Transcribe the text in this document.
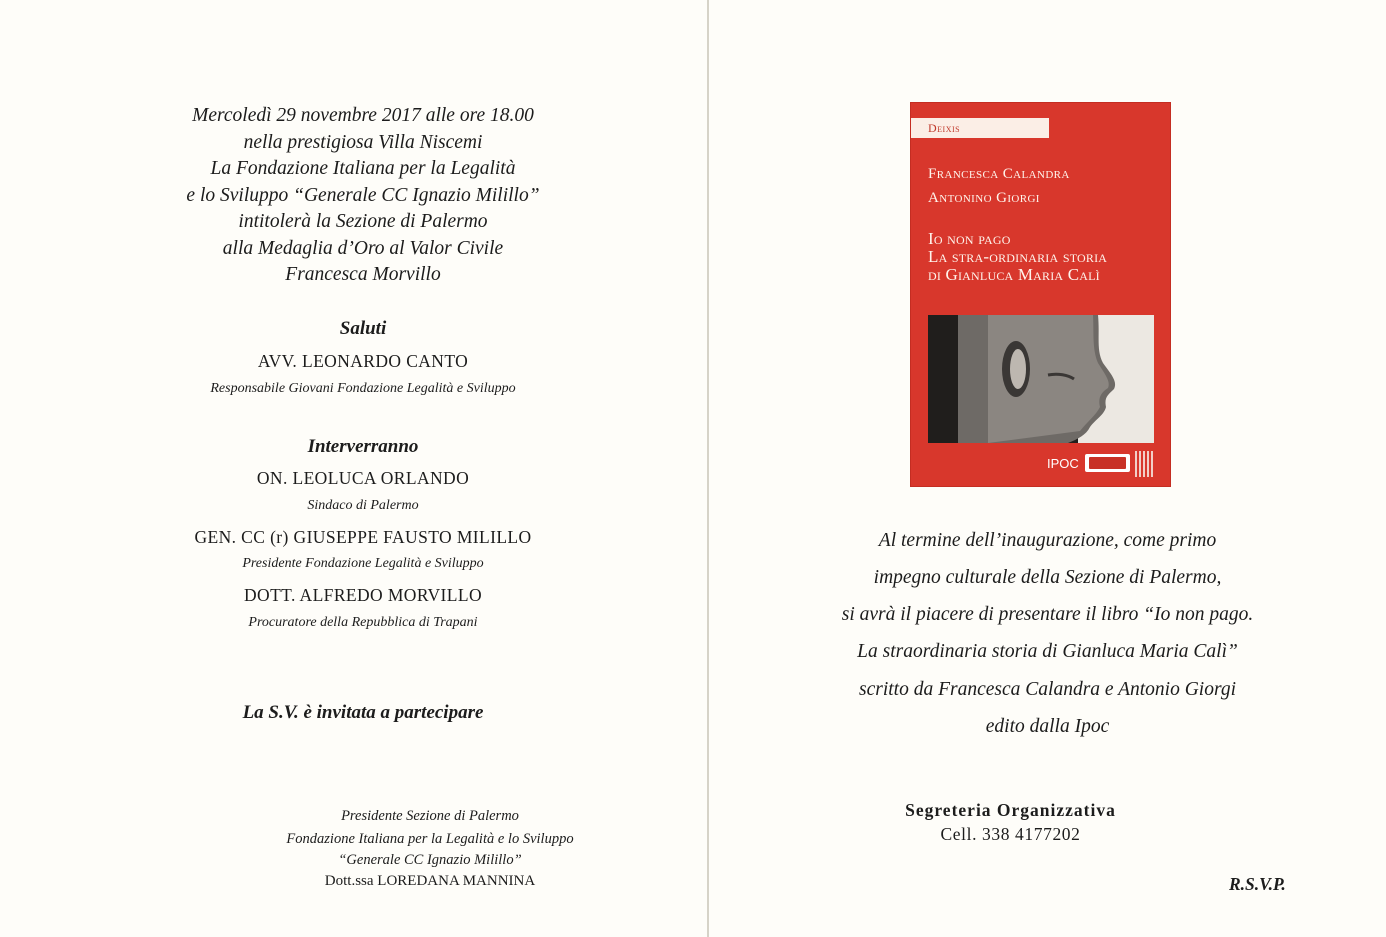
Mercoledì 29 novembre 2017 alle ore 18.00
nella prestigiosa Villa Niscemi
La Fondazione Italiana per la Legalità
e lo Sviluppo “Generale CC Ignazio Milillo”
intitolerà la Sezione di Palermo
alla Medaglia d’Oro al Valor Civile
Francesca Morvillo
Saluti
AVV. LEONARDO CANTO
Responsabile Giovani Fondazione Legalità e Sviluppo
Interverranno
ON. LEOLUCA ORLANDO
Sindaco di Palermo
GEN. CC (r) GIUSEPPE FAUSTO MILILLO
Presidente Fondazione Legalità e Sviluppo
DOTT. ALFREDO MORVILLO
Procuratore della Repubblica di Trapani
La S.V. è invitata a partecipare
Presidente Sezione di Palermo
Fondazione Italiana per la Legalità e lo Sviluppo
“Generale CC Ignazio Milillo”
Dott.ssa LOREDANA MANNINA
Deixis
Francesca Calandra
Antonino Giorgi
Io non pago
La stra-ordinaria storia
di Gianluca Maria Calì
IPOC
Al termine dell’inaugurazione, come primo
impegno culturale della Sezione di Palermo,
si avrà il piacere di presentare il libro “Io non pago.
La straordinaria storia di Gianluca Maria Calì”
scritto da Francesca Calandra e Antonio Giorgi
edito dalla Ipoc
Segreteria Organizzativa
Cell. 338 4177202
R.S.V.P.
